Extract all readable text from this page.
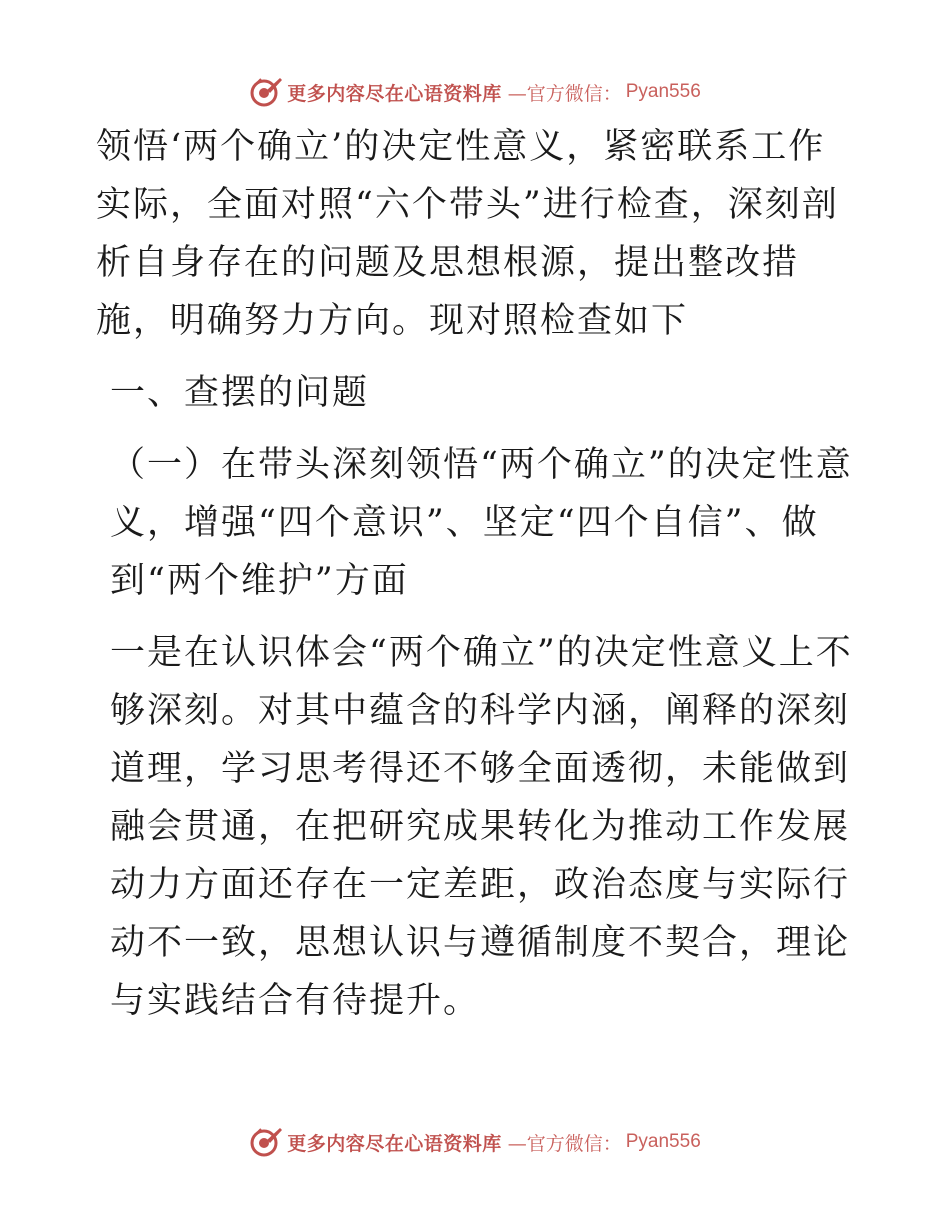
更多内容尽在心语资料库 —官方微信： Pyan556

领悟‘两个确立’的决定性意义，紧密联系工作实际，全面对照“六个带头”进行检查，深刻剖析自身存在的问题及思想根源，提出整改措施，明确努力方向。现对照检查如下

一、查摆的问题

（一）在带头深刻领悟“两个确立”的决定性意义，增强“四个意识”、坚定“四个自信”、做到“两个维护”方面

一是在认识体会“两个确立”的决定性意义上不够深刻。对其中蕴含的科学内涵，阐释的深刻道理，学习思考得还不够全面透彻，未能做到融会贯通，在把研究成果转化为推动工作发展动力方面还存在一定差距，政治态度与实际行动不一致，思想认识与遵循制度不契合，理论与实践结合有待提升。

更多内容尽在心语资料库 —官方微信： Pyan556
